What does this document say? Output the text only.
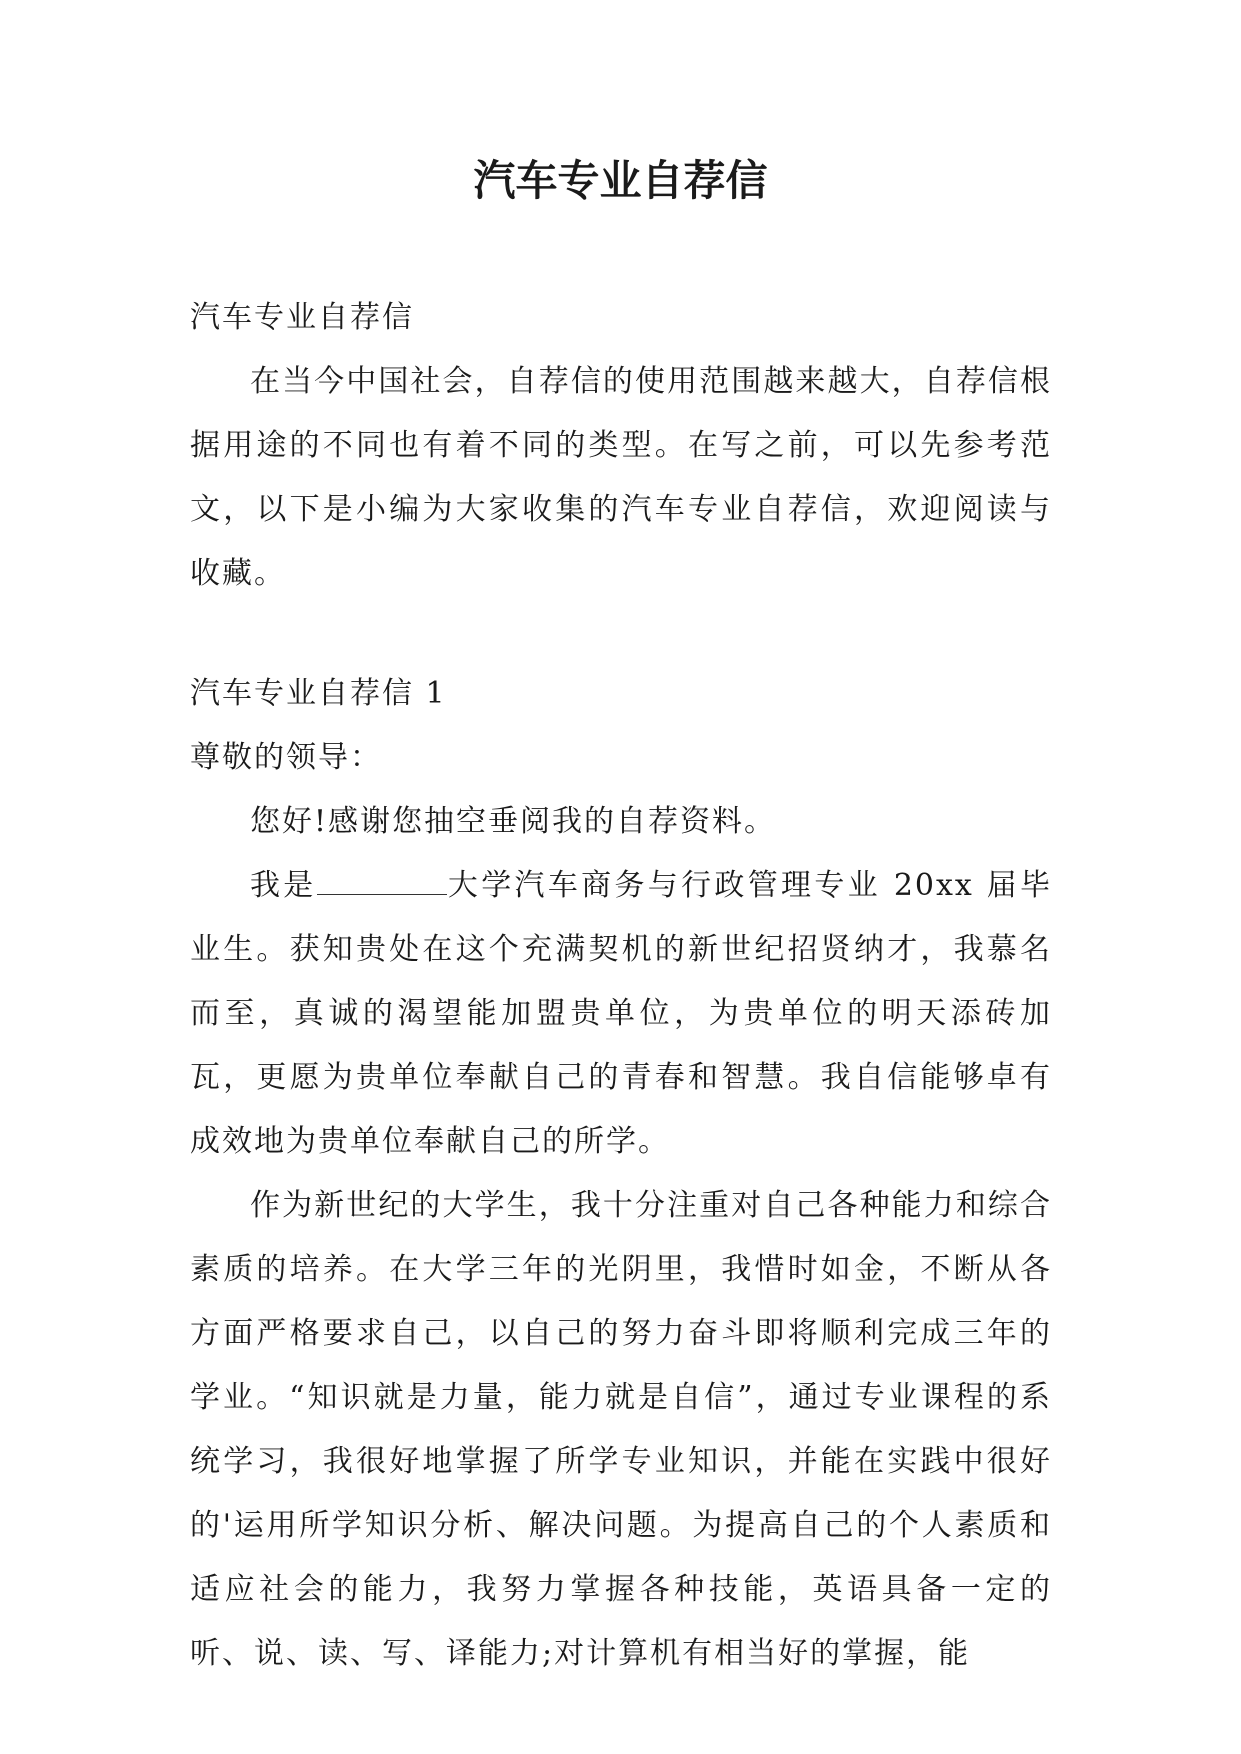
汽车专业自荐信

汽车专业自荐信

在当今中国社会，自荐信的使用范围越来越大，自荐信根据用途的不同也有着不同的类型。在写之前，可以先参考范文，以下是小编为大家收集的汽车专业自荐信，欢迎阅读与收藏。

汽车专业自荐信 1

尊敬的领导：

您好!感谢您抽空垂阅我的自荐资料。

我是	大学汽车商务与行政管理专业 20xx 届毕业生。获知贵处在这个充满契机的新世纪招贤纳才，我慕名而至，真诚的渴望能加盟贵单位，为贵单位的明天添砖加瓦，更愿为贵单位奉献自己的青春和智慧。我自信能够卓有成效地为贵单位奉献自己的所学。

作为新世纪的大学生，我十分注重对自己各种能力和综合素质的培养。在大学三年的光阴里，我惜时如金，不断从各方面严格要求自己，以自己的努力奋斗即将顺利完成三年的学业。“知识就是力量，能力就是自信”，通过专业课程的系统学习，我很好地掌握了所学专业知识，并能在实践中很好的'运用所学知识分析、解决问题。为提高自己的个人素质和适应社会的能力，我努力掌握各种技能，英语具备一定的听、说、读、写、译能力;对计算机有相当好的掌握，能
